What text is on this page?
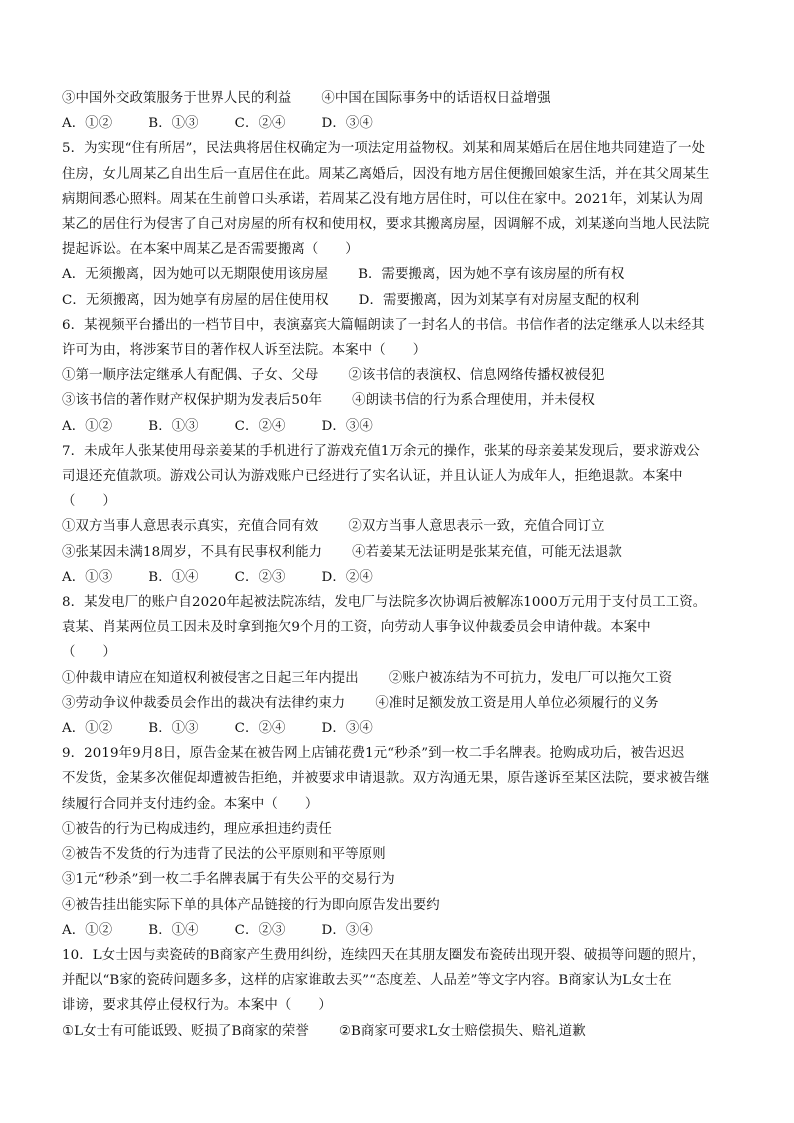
③中国外交政策服务于世界人民的利益 ④中国在国际事务中的话语权日益增强
A．①②	B．①③	C．②④	D．③④
5．为实现“住有所居”，民法典将居住权确定为一项法定用益物权。刘某和周某婚后在居住地共同建造了一处
住房，女儿周某乙自出生后一直居住在此。周某乙离婚后，因没有地方居住便搬回娘家生活，并在其父周某生
病期间悉心照料。周某在生前曾口头承诺，若周某乙没有地方居住时，可以住在家中。2021年，刘某认为周
某乙的居住行为侵害了自己对房屋的所有权和使用权，要求其搬离房屋，因调解不成，刘某遂向当地人民法院
提起诉讼。在本案中周某乙是否需要搬离（　　）
A．无须搬离，因为她可以无期限使用该房屋 B．需要搬离，因为她不享有该房屋的所有权
C．无须搬离，因为她享有房屋的居住使用权 D．需要搬离，因为刘某享有对房屋支配的权利
6．某视频平台播出的一档节目中，表演嘉宾大篇幅朗读了一封名人的书信。书信作者的法定继承人以未经其
许可为由，将涉案节目的著作权人诉至法院。本案中（　　）
①第一顺序法定继承人有配偶、子女、父母 ②该书信的表演权、信息网络传播权被侵犯
③该书信的著作财产权保护期为发表后50年 ④朗读书信的行为系合理使用，并未侵权
A．①②	B．①③	C．②④	D．③④
7．未成年人张某使用母亲姜某的手机进行了游戏充值1万余元的操作，张某的母亲姜某发现后，要求游戏公
司退还充值款项。游戏公司认为游戏账户已经进行了实名认证，并且认证人为成年人，拒绝退款。本案中
（　　）
①双方当事人意思表示真实，充值合同有效 ②双方当事人意思表示一致，充值合同订立
③张某因未满18周岁，不具有民事权利能力 ④若姜某无法证明是张某充值，可能无法退款
A．①③	B．①④	C．②③	D．②④
8．某发电厂的账户自2020年起被法院冻结，发电厂与法院多次协调后被解冻1000万元用于支付员工工资。
袁某、肖某两位员工因未及时拿到拖欠9个月的工资，向劳动人事争议仲裁委员会申请仲裁。本案中
（　　）
①仲裁申请应在知道权利被侵害之日起三年内提出 ②账户被冻结为不可抗力，发电厂可以拖欠工资
③劳动争议仲裁委员会作出的裁决有法律约束力 ④准时足额发放工资是用人单位必须履行的义务
A．①②	B．①③	C．②④	D．③④
9．2019年9月8日，原告金某在被告网上店铺花费1元“秒杀”到一枚二手名牌表。抢购成功后，被告迟迟
不发货，金某多次催促却遭被告拒绝，并被要求申请退款。双方沟通无果，原告遂诉至某区法院，要求被告继
续履行合同并支付违约金。本案中（　　）
①被告的行为已构成违约，理应承担违约责任
②被告不发货的行为违背了民法的公平原则和平等原则
③1元“秒杀”到一枚二手名牌表属于有失公平的交易行为
④被告挂出能实际下单的具体产品链接的行为即向原告发出要约
A．①②	B．①④	C．②③	D．③④
10．L女士因与卖瓷砖的B商家产生费用纠纷，连续四天在其朋友圈发布瓷砖出现开裂、破损等问题的照片，
并配以“B家的瓷砖问题多多，这样的店家谁敢去买”“态度差、人品差”等文字内容。B商家认为L女士在
诽谤，要求其停止侵权行为。本案中（　　）
①L女士有可能诋毁、贬损了B商家的荣誉 ②B商家可要求L女士赔偿损失、赔礼道歉
